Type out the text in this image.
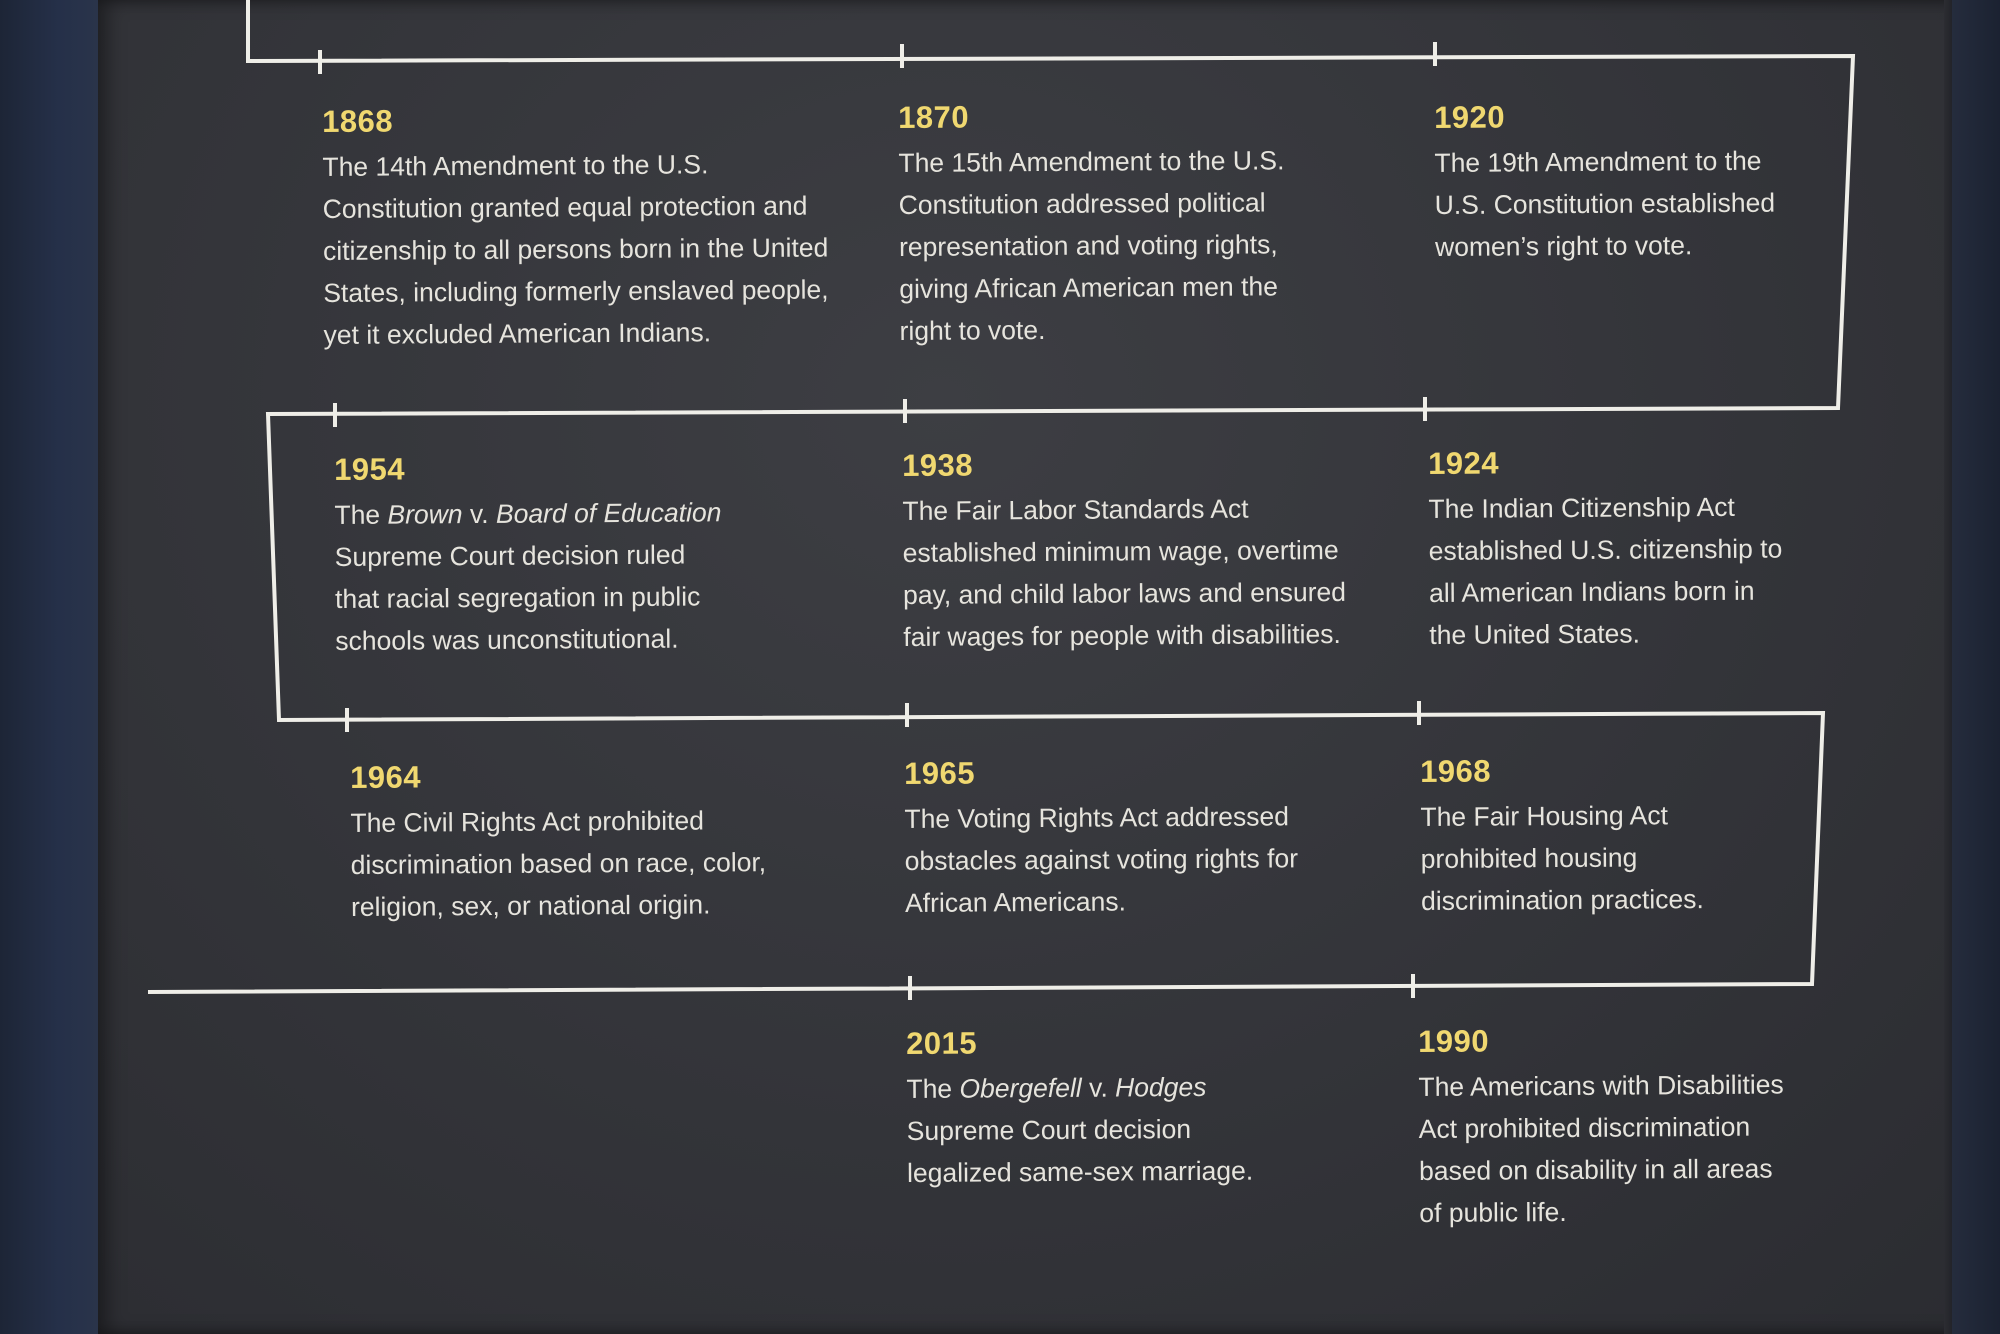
1868
The 14th Amendment to the U.S.
Constitution granted equal protection and
citizenship to all persons born in the United
States, including formerly enslaved people,
yet it excluded American Indians.
1870
The 15th Amendment to the U.S.
Constitution addressed political
representation and voting rights,
giving African American men the
right to vote.
1920
The 19th Amendment to the
U.S. Constitution established
women’s right to vote.
1954
The Brown v. Board of Education
Supreme Court decision ruled
that racial segregation in public
schools was unconstitutional.
1938
The Fair Labor Standards Act
established minimum wage, overtime
pay, and child labor laws and ensured
fair wages for people with disabilities.
1924
The Indian Citizenship Act
established U.S. citizenship to
all American Indians born in
the United States.
1964
The Civil Rights Act prohibited
discrimination based on race, color,
religion, sex, or national origin.
1965
The Voting Rights Act addressed
obstacles against voting rights for
African Americans.
1968
The Fair Housing Act
prohibited housing
discrimination practices.
2015
The Obergefell v. Hodges
Supreme Court decision
legalized same-sex marriage.
1990
The Americans with Disabilities
Act prohibited discrimination
based on disability in all areas
of public life.
